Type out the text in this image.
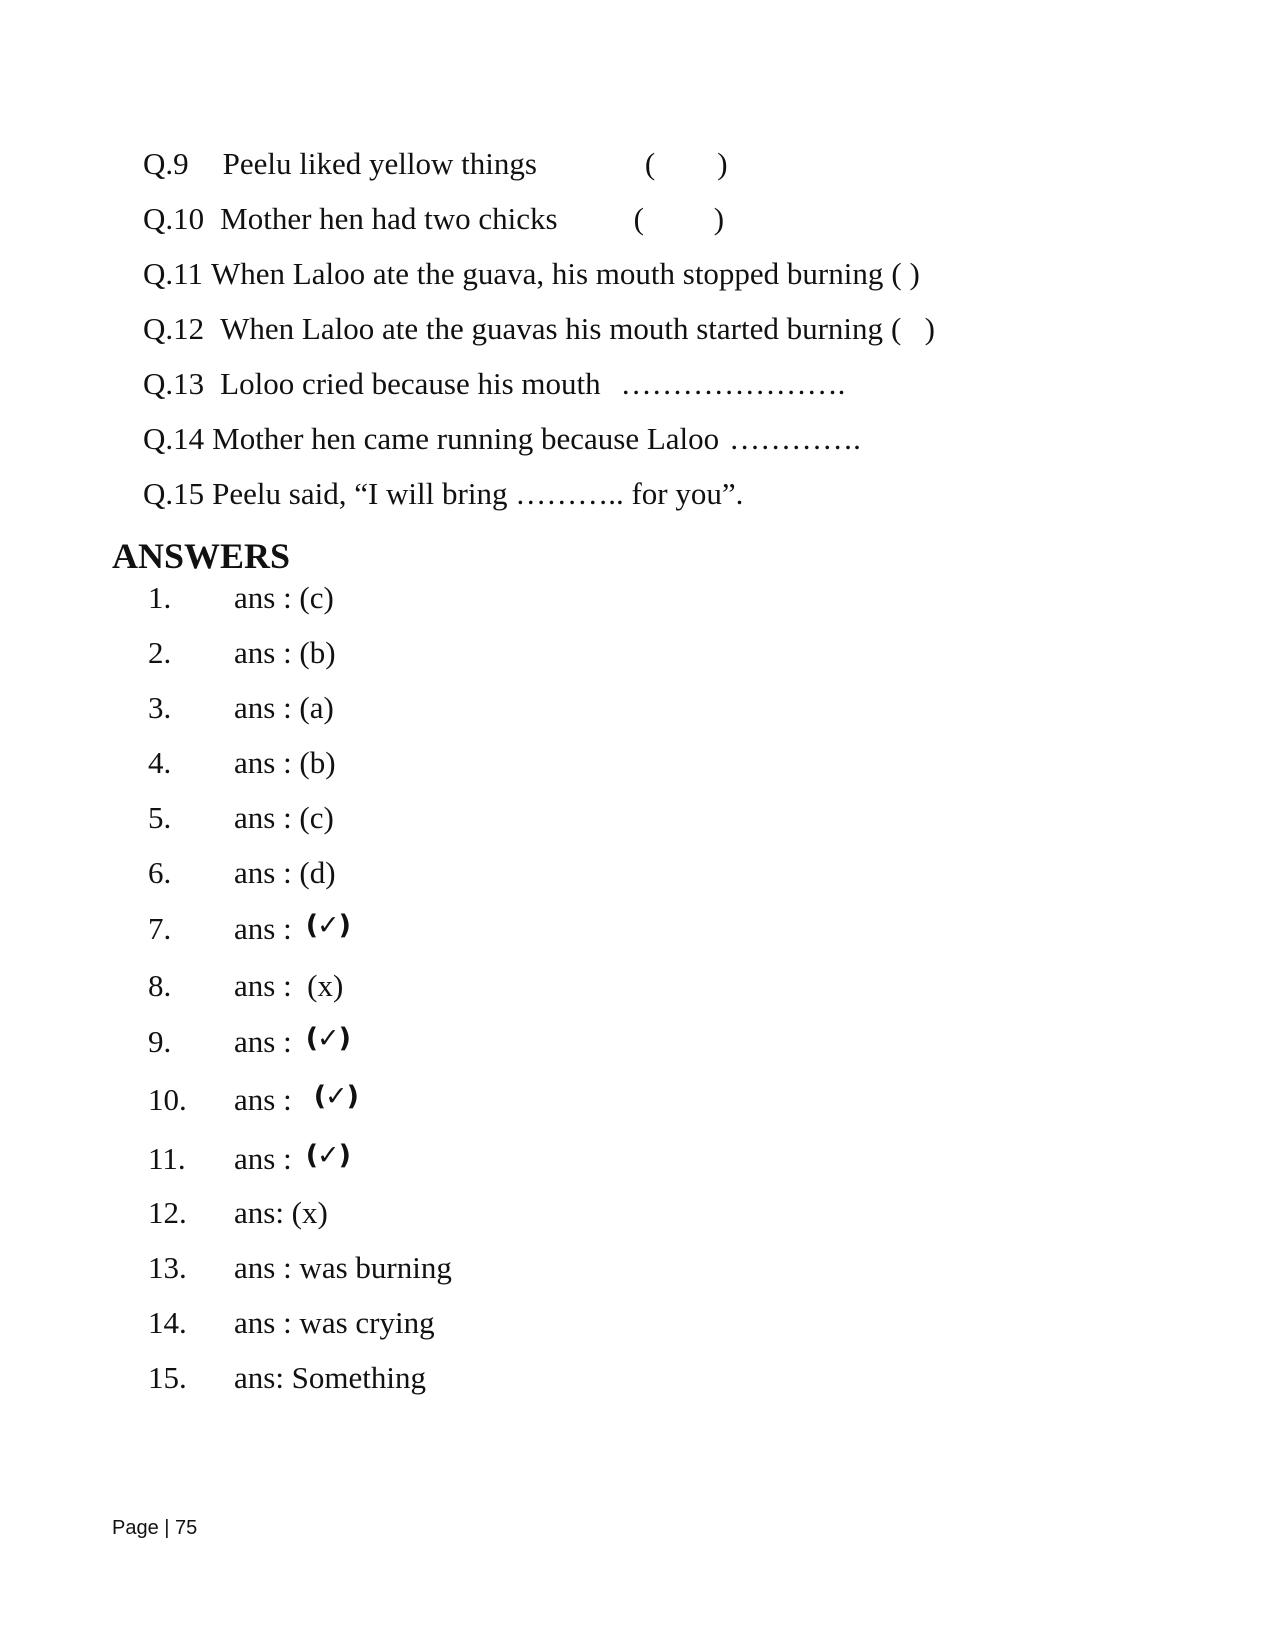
Q.9 Peelu liked yellow things	(        )

Q.10 Mother hen had two chicks (         )

Q.11 When Laloo ate the guava, his mouth stopped burning ( )

Q.12 When Laloo ate the guavas his mouth started burning (   )

Q.13 Loloo cried because his mouth ………………….

Q.14 Mother hen came running because Laloo ………….

Q.15 Peelu said, “I will bring ……….. for you”.

ANSWERS
1. ans : (c)
2. ans : (b)
3. ans : (a)
4. ans : (b)
5. ans : (c)
6. ans : (d)
7. ans : (✓)
8. ans :  (x)
9. ans : (✓)
10. ans : (✓)
11. ans : (✓)
12. ans: (x)
13. ans : was burning
14. ans : was crying
15. ans: Something
Page | 75
